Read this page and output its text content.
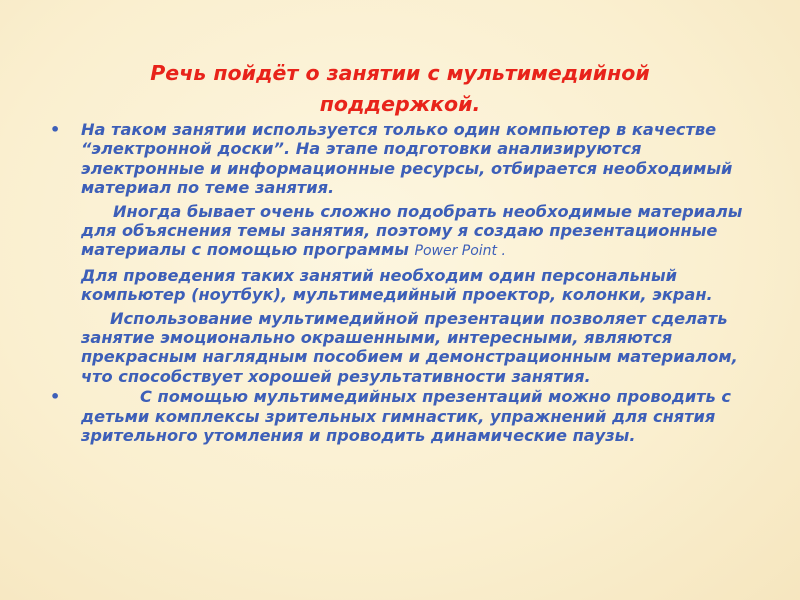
Речь пойдёт о занятии с мультимедийной поддержкой.
• На таком занятии используется только один компьютер в качестве “электронной доски”. На этапе подготовки анализируются электронные и информационные ресурсы, отбирается необходимый материал по теме занятия.

Иногда бывает очень сложно подобрать необходимые материалы для объяснения темы занятия, поэтому я создаю презентационные материалы с помощью программы Power Point .

Для проведения таких занятий необходим один персональный компьютер (ноутбук), мультимедийный проектор, колонки, экран.

Использование мультимедийной презентации позволяет сделать занятие эмоционально окрашенными, интересными, являются прекрасным наглядным пособием и демонстрационным материалом, что способствует хорошей результативности занятия.

•	С помощью мультимедийных презентаций можно проводить с детьми комплексы зрительных гимнастик, упражнений для снятия зрительного утомления и проводить динамические паузы.
